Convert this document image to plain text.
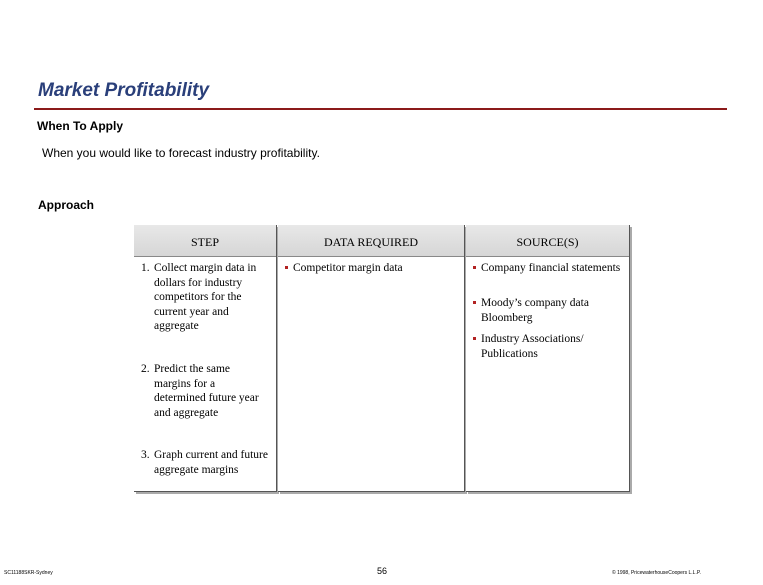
Market Profitability
When To Apply
When you would like to forecast industry profitability.
Approach
STEP
1. Collect margin data in dollars for industry competitors for the current year and aggregate
2. Predict the same margins for a determined future year and aggregate
3. Graph current and future aggregate margins
DATA REQUIRED
Competitor margin data
SOURCE(S)
Company financial statements
Moody’s company data Bloomberg
Industry Associations/ Publications
SC11188SKR-Sydney	56	© 1998, PricewaterhouseCoopers L.L.P.
